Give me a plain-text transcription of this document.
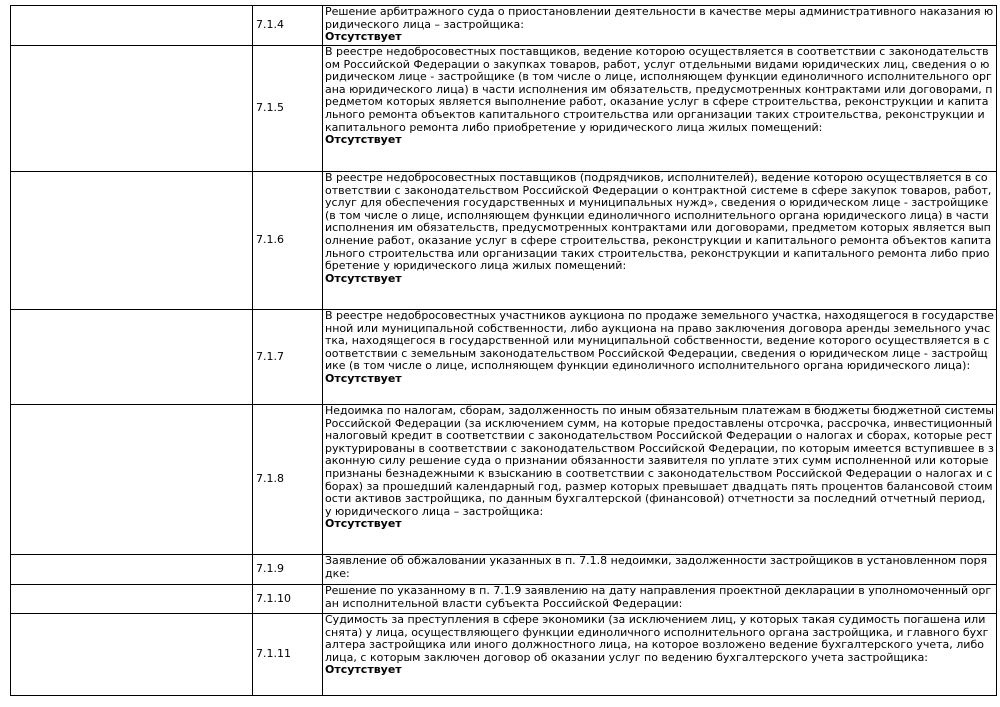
	7.1.4	Решение арбитражного суда о приостановлении деятельности в качестве меры административного наказания юридического лица – застройщика:
Отсутствует

	7.1.5	В реестре недобросовестных поставщиков, ведение которою осуществляется в соответствии с законодательством Российской Федерации о закупках товаров, работ, услуг отдельными видами юридических лиц, сведения о юридическом лице - застройщике (в том числе о лице, исполняющем функции единоличного исполнительного органа юридического лица) в части исполнения им обязательств, предусмотренных контрактами или договорами, предметом которых является выполнение работ, оказание услуг в сфере строительства, реконструкции и капитального ремонта объектов капитального строительства или организации таких строительства, реконструкции и капитального ремонта либо приобретение у юридического лица жилых помещений:
Отсутствует

	7.1.6	В реестре недобросовестных поставщиков (подрядчиков, исполнителей), ведение которою осуществляется в соответствии с законодательством Российской Федерации о контрактной системе в сфере закупок товаров, работ, услуг для обеспечения государственных и муниципальных нужд», сведения о юридическом лице - застройщике (в том числе о лице, исполняющем функции единоличного исполнительного органа юридического лица) в части исполнения им обязательств, предусмотренных контрактами или договорами, предметом которых является выполнение работ, оказание услуг в сфере строительства, реконструкции и капитального ремонта объектов капитального строительства или организации таких строительства, реконструкции и капитального ремонта либо приобретение у юридического лица жилых помещений:
Отсутствует

	7.1.7	В реестре недобросовестных участников аукциона по продаже земельного участка, находящегося в государственной или муниципальной собственности, либо аукциона на право заключения договора аренды земельного участка, находящегося в государственной или муниципальной собственности, ведение которого осуществляется в соответствии с земельным законодательством Российской Федерации, сведения о юридическом лице - застройщике (в том числе о лице, исполняющем функции единоличного исполнительного органа юридического лица):
Отсутствует

	7.1.8	Недоимка по налогам, сборам, задолженность по иным обязательным платежам в бюджеты бюджетной системы Российской Федерации (за исключением сумм, на которые предоставлены отсрочка, рассрочка, инвестиционный налоговый кредит в соответствии с законодательством Российской Федерации о налогах и сборах, которые реструктурированы в соответствии с законодательством Российской Федерации, по которым имеется вступившее в законную силу решение суда о признании обязанности заявителя по уплате этих сумм исполненной или которые признаны безнадежными к взысканию в соответствии с законодательством Российской Федерации о налогах и сборах) за прошедший календарный год, размер которых превышает двадцать пять процентов балансовой стоимости активов застройщика, по данным бухгалтерской (финансовой) отчетности за последний отчетный период, у юридического лица – застройщика:
Отсутствует

	7.1.9	Заявление об обжаловании указанных в п. 7.1.8 недоимки, задолженности застройщиков в установленном порядке:
	7.1.10	Решение по указанному в п. 7.1.9 заявлению на дату направления проектной декларации в уполномоченный орган исполнительной власти субъекта Российской Федерации:
	7.1.11	Судимость за преступления в сфере экономики (за исключением лиц, у которых такая судимость погашена или снята) у лица, осуществляющего функции единоличного исполнительного органа застройщика, и главного бухгалтера застройщика или иного должностного лица, на которое возложено ведение бухгалтерского учета, либо лица, с которым заключен договор об оказании услуг по ведению бухгалтерского учета застройщика:
Отсутствует
